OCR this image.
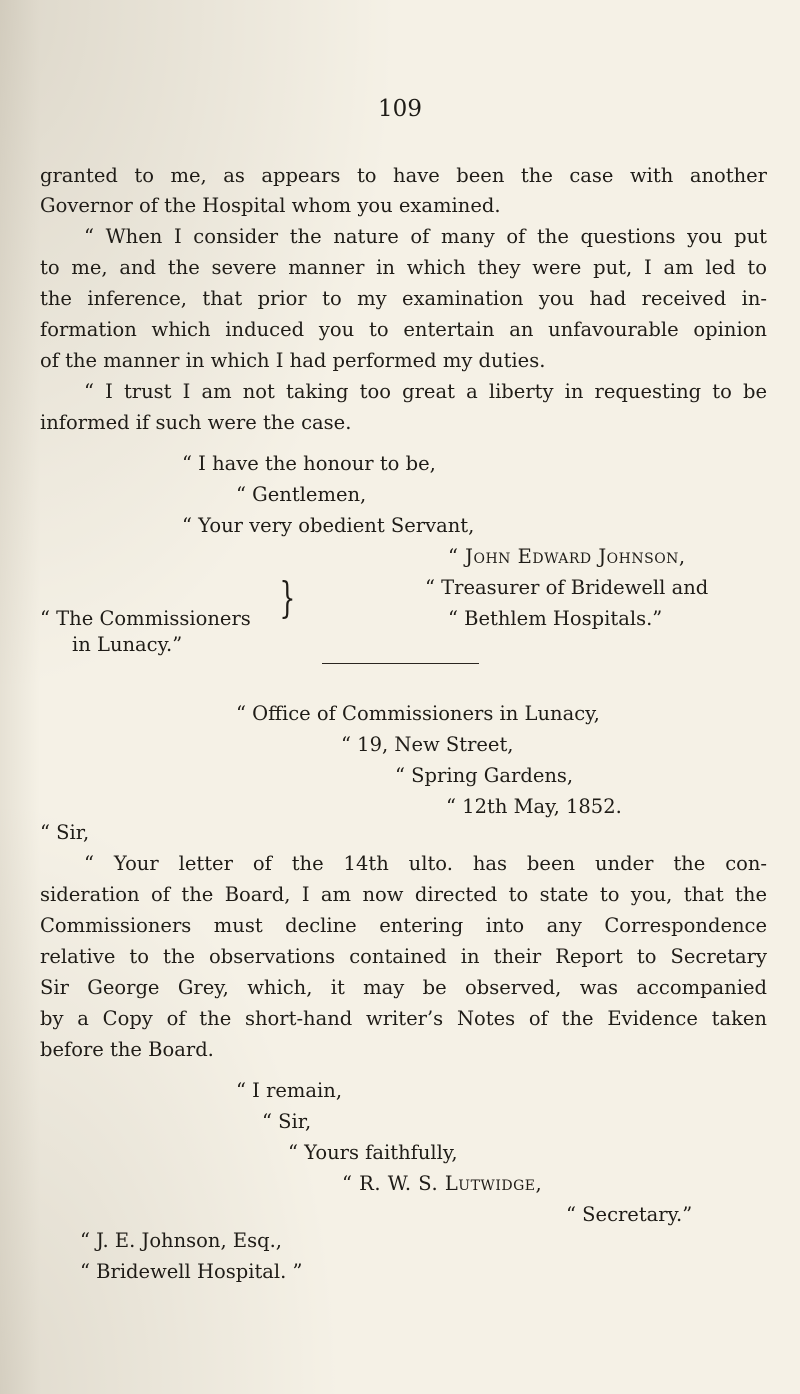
109
granted to me, as appears to have been the case with another
Governor of the Hospital whom you examined.
“ When I consider the nature of many of the questions you put
to me, and the severe manner in which they were put, I am led to
the inference, that prior to my examination you had received in-
formation which induced you to entertain an unfavourable opinion
of the manner in which I had performed my duties.
“ I trust I am not taking too great a liberty in requesting to be
informed if such were the case.
“ I have the honour to be,
“ Gentlemen,
“ Your very obedient Servant,
“ John Edward Johnson,
“ Treasurer of Bridewell and
“ Bethlem Hospitals.”
“ The Commissioners
in Lunacy.”
}
“ Office of Commissioners in Lunacy,
“ 19, New Street,
“ Spring Gardens,
“ 12th May, 1852.
“ Sir,
“ Your letter of the 14th ulto. has been under the con-
sideration of the Board, I am now directed to state to you, that the
Commissioners must decline entering into any Correspondence
relative to the observations contained in their Report to Secretary
Sir George Grey, which, it may be observed, was accompanied
by a Copy of the short-hand writer’s Notes of the Evidence taken
before the Board.
“ I remain,
“ Sir,
“ Yours faithfully,
“ R. W. S. Lutwidge,
“ Secretary.”
“ J. E. Johnson, Esq.,
“ Bridewell Hospital. ”
